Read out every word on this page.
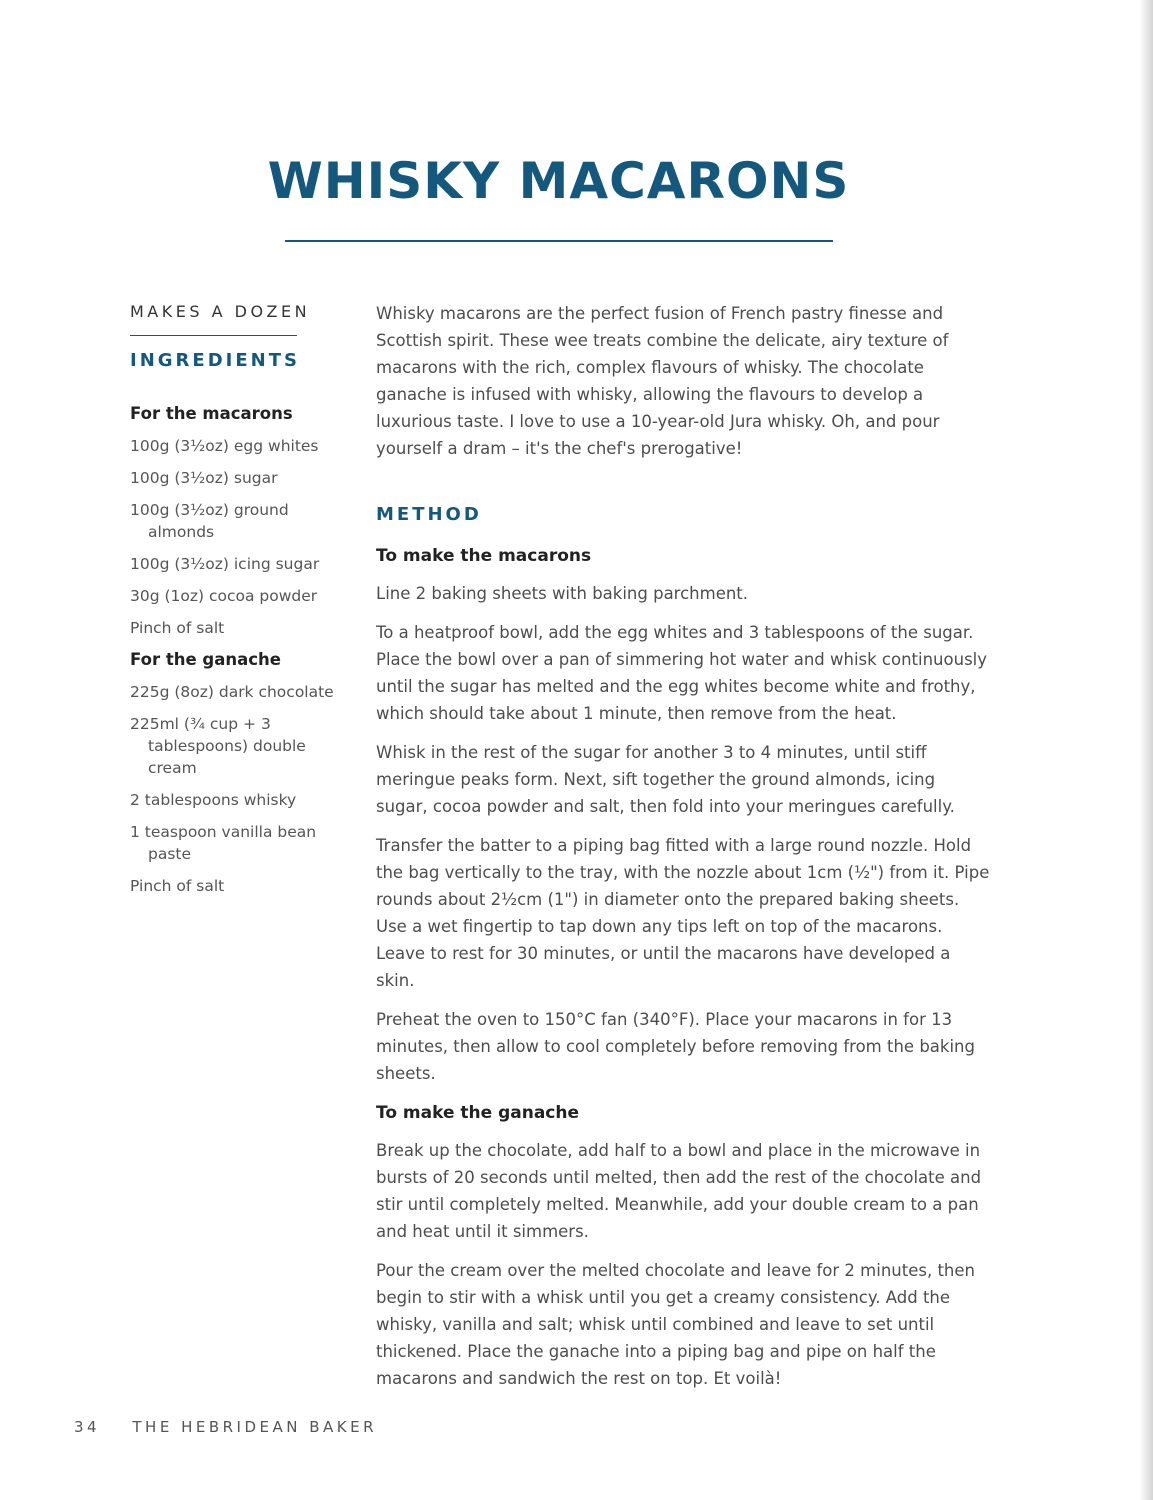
WHISKY MACARONS

MAKES A DOZEN

INGREDIENTS
For the macarons
100g (3½oz) egg whites
100g (3½oz) sugar
100g (3½oz) ground almonds
100g (3½oz) icing sugar
30g (1oz) cocoa powder
Pinch of salt
For the ganache
225g (8oz) dark chocolate
225ml (¾ cup + 3 tablespoons) double cream
2 tablespoons whisky
1 teaspoon vanilla bean paste
Pinch of salt

Whisky macarons are the perfect fusion of French pastry finesse and Scottish spirit. These wee treats combine the delicate, airy texture of macarons with the rich, complex flavours of whisky. The chocolate ganache is infused with whisky, allowing the flavours to develop a luxurious taste. I love to use a 10-year-old Jura whisky. Oh, and pour yourself a dram – it's the chef's prerogative!

METHOD
To make the macarons

Line 2 baking sheets with baking parchment.

To a heatproof bowl, add the egg whites and 3 tablespoons of the sugar. Place the bowl over a pan of simmering hot water and whisk continuously until the sugar has melted and the egg whites become white and frothy, which should take about 1 minute, then remove from the heat.

Whisk in the rest of the sugar for another 3 to 4 minutes, until stiff meringue peaks form. Next, sift together the ground almonds, icing sugar, cocoa powder and salt, then fold into your meringues carefully.

Transfer the batter to a piping bag fitted with a large round nozzle. Hold the bag vertically to the tray, with the nozzle about 1cm (½") from it. Pipe rounds about 2½cm (1") in diameter onto the prepared baking sheets. Use a wet fingertip to tap down any tips left on top of the macarons. Leave to rest for 30 minutes, or until the macarons have developed a skin.

Preheat the oven to 150°C fan (340°F). Place your macarons in for 13 minutes, then allow to cool completely before removing from the baking sheets.

To make the ganache

Break up the chocolate, add half to a bowl and place in the microwave in bursts of 20 seconds until melted, then add the rest of the chocolate and stir until completely melted. Meanwhile, add your double cream to a pan and heat until it simmers.

Pour the cream over the melted chocolate and leave for 2 minutes, then begin to stir with a whisk until you get a creamy consistency. Add the whisky, vanilla and salt; whisk until combined and leave to set until thickened. Place the ganache into a piping bag and pipe on half the macarons and sandwich the rest on top. Et voilà!

34 THE HEBRIDEAN BAKER
